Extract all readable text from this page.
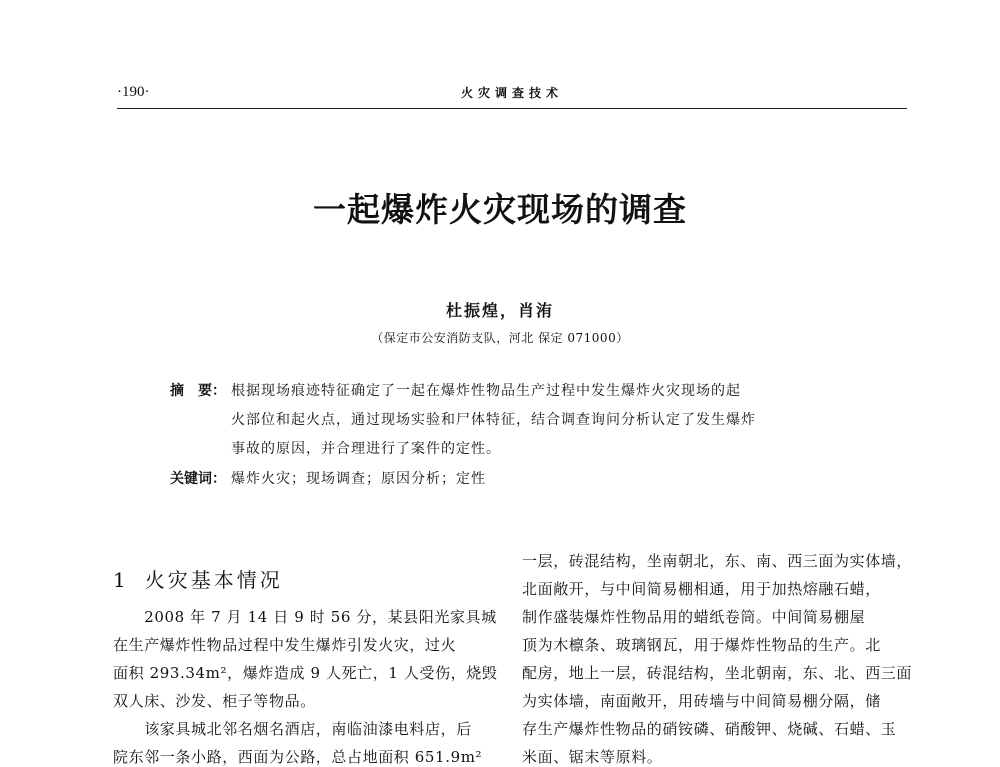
·190·	火灾调查技术
一起爆炸火灾现场的调查
杜振煌，肖洧
（保定市公安消防支队，河北 保定 071000）
摘　要： 根据现场痕迹特征确定了一起在爆炸性物品生产过程中发生爆炸火灾现场的起
火部位和起火点，通过现场实验和尸体特征，结合调查询问分析认定了发生爆炸
事故的原因，并合理进行了案件的定性。
关键词： 爆炸火灾；现场调查；原因分析；定性
1 火灾基本情况
　　2008 年 7 月 14 日 9 时 56 分，某县阳光家具城
在生产爆炸性物品过程中发生爆炸引发火灾，过火
面积 293.34m²，爆炸造成 9 人死亡，1 人受伤，烧毁
双人床、沙发、柜子等物品。
　　该家具城北邻名烟名酒店，南临油漆电料店，后
院东邻一条小路，西面为公路，总占地面积 651.9m²
一层，砖混结构，坐南朝北，东、南、西三面为实体墙，
北面敞开，与中间简易棚相通，用于加热熔融石蜡，
制作盛装爆炸性物品用的蜡纸卷筒。中间简易棚屋
顶为木檩条、玻璃钢瓦，用于爆炸性物品的生产。北
配房，地上一层，砖混结构，坐北朝南，东、北、西三面
为实体墙，南面敞开，用砖墙与中间简易棚分隔，储
存生产爆炸性物品的硝铵磷、硝酸钾、烧碱、石蜡、玉
米面、锯末等原料。
